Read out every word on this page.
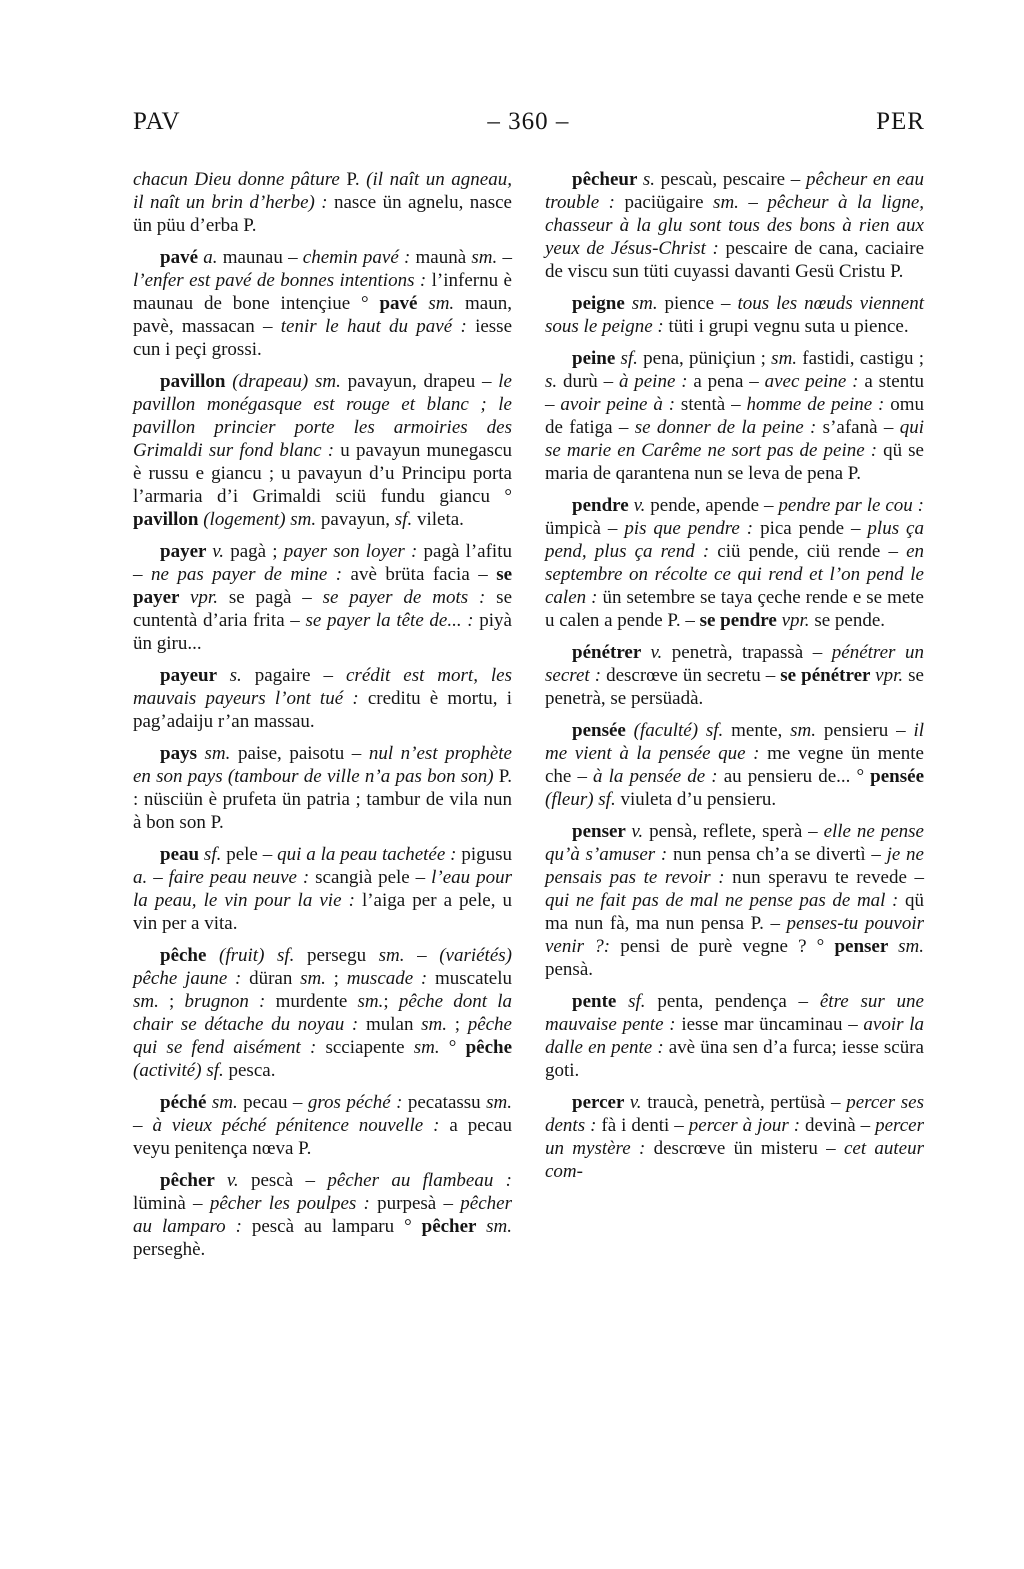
PAV	– 360 –	PER

chacun Dieu donne pâture P. (il naît un agneau, il naît un brin d’herbe) : nasce ün agnelu, nasce ün püu d’erba P.

pavé a. maunau – chemin pavé : maunà sm. – l’enfer est pavé de bonnes intentions : l’infernu è maunau de bone intençiue ° pavé sm. maun, pavè, massacan – tenir le haut du pavé : iesse cun i peçi grossi.

pavillon (drapeau) sm. pavayun, drapeu – le pavillon monégasque est rouge et blanc ; le pavillon princier porte les armoiries des Grimaldi sur fond blanc : u pavayun munegascu è russu e giancu ; u pavayun d’u Principu porta l’armaria d’i Grimaldi sciü fundu giancu ° pavillon (logement) sm. pavayun, sf. vileta.

payer v. pagà ; payer son loyer : pagà l’afitu – ne pas payer de mine : avè brüta facia – se payer vpr. se pagà – se payer de mots : se cuntentà d’aria frita – se payer la tête de... : piyà ün giru...

payeur s. pagaire – crédit est mort, les mauvais payeurs l’ont tué : creditu è mortu, i pag’adaiju r’an massau.

pays sm. paise, paisotu – nul n’est prophète en son pays (tambour de ville n’a pas bon son) P. : nüsciün è prufeta ün patria ; tambur de vila nun à bon son P.

peau sf. pele – qui a la peau tachetée : pigusu a. – faire peau neuve : scangià pele – l’eau pour la peau, le vin pour la vie : l’aiga per a pele, u vin per a vita.

pêche (fruit) sf. persegu sm. – (variétés) pêche jaune : düran sm. ; muscade : muscatelu sm. ; brugnon : murdente sm.; pêche dont la chair se détache du noyau : mulan sm. ; pêche qui se fend aisément : scciapente sm. ° pêche (activité) sf. pesca.

péché sm. pecau – gros péché : pecatassu sm. – à vieux péché pénitence nouvelle : a pecau veyu penitença nœva P.

pêcher v. pescà – pêcher au flambeau : lüminà – pêcher les poulpes : purpesà – pêcher au lamparo : pescà au lamparu ° pêcher sm. perseghè.

pêcheur s. pescaù, pescaire – pêcheur en eau trouble : paciügaire sm. – pêcheur à la ligne, chasseur à la glu sont tous des bons à rien aux yeux de Jésus-Christ : pescaire de cana, caciaire de viscu sun tüti cuyassi davanti Gesü Cristu P.

peigne sm. pience – tous les nœuds viennent sous le peigne : tüti i grupi vegnu suta u pience.

peine sf. pena, püniçiun ; sm. fastidi, castigu ; s. durù – à peine : a pena – avec peine : a stentu – avoir peine à : stentà – homme de peine : omu de fatiga – se donner de la peine : s’afanà – qui se marie en Carême ne sort pas de peine : qü se maria de qarantena nun se leva de pena P.

pendre v. pende, apende – pendre par le cou : ümpicà – pis que pendre : pica pende – plus ça pend, plus ça rend : ciü pende, ciü rende – en septembre on récolte ce qui rend et l’on pend le calen : ün setembre se taya çeche rende e se mete u calen a pende P. – se pendre vpr. se pende.

pénétrer v. penetrà, trapassà – pénétrer un secret : descrœve ün secretu – se pénétrer vpr. se penetrà, se persüadà.

pensée (faculté) sf. mente, sm. pensieru – il me vient à la pensée que : me vegne ün mente che – à la pensée de : au pensieru de... ° pensée (fleur) sf. viuleta d’u pensieru.

penser v. pensà, reflete, sperà – elle ne pense qu’à s’amuser : nun pensa ch’a se divertì – je ne pensais pas te revoir : nun speravu te revede – qui ne fait pas de mal ne pense pas de mal : qü ma nun fà, ma nun pensa P. – penses-tu pouvoir venir ?: pensi de purè vegne ? ° penser sm. pensà.

pente sf. penta, pendença – être sur une mauvaise pente : iesse mar üncaminau – avoir la dalle en pente : avè üna sen d’a furca; iesse scüra goti.

percer v. traucà, penetrà, pertüsà – percer ses dents : fà i denti – percer à jour : devinà – percer un mystère : descrœve ün misteru – cet auteur com-
